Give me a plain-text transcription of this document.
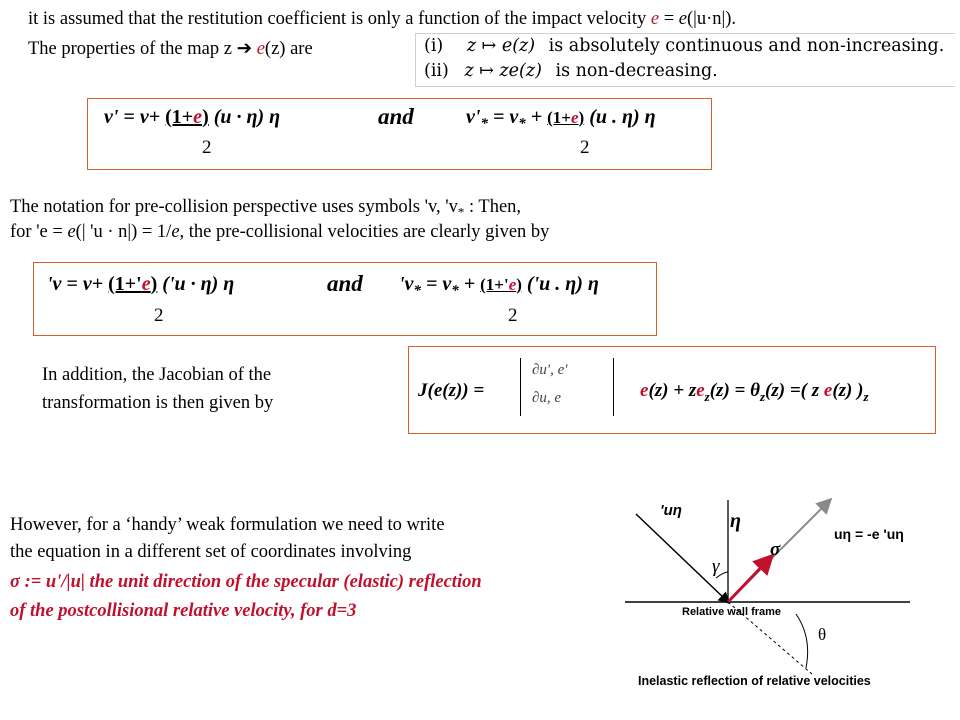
it is assumed that the restitution coefficient is only a function of the impact velocity e = e(|u·n|).
The properties of the map z ➔ e(z) are	(i) z ↦ e(z) is absolutely continuous and non-increasing.
(ii) z ↦ ze(z) is non-decreasing.
v' = v+ (1+e) (u · η) η	and	$v'_* = v_* + (1+e)$ (u . η) η
2	2
The notation for pre-collision perspective uses symbols 'v, '$v_*$ : Then,
for 'e = e(| 'u · n|) = 1/e, the pre-collisional velocities are clearly given by
'v = v+ (1+'e) ('u · η) η	and '$v_* = v_* + (1+'e)$ ('u . η) η
2	2
In addition, the Jacobian of the
transformation is then given by
J(e(z)) =
∂u', e'
∂u, e	$e(z) + ze_z(z) = \theta_z(z)$ =( z e(z) )$_z$
However, for a ‘handy’ weak formulation we need to write
the equation in a different set of coordinates involving
σ := u'/|u| the unit direction of the specular (elastic) reflection
of the postcollisional relative velocity, for d=3
'uη η
σ
γ
θ
uη = -e 'uη
Relative wall frame
Inelastic reflection of relative velocities
